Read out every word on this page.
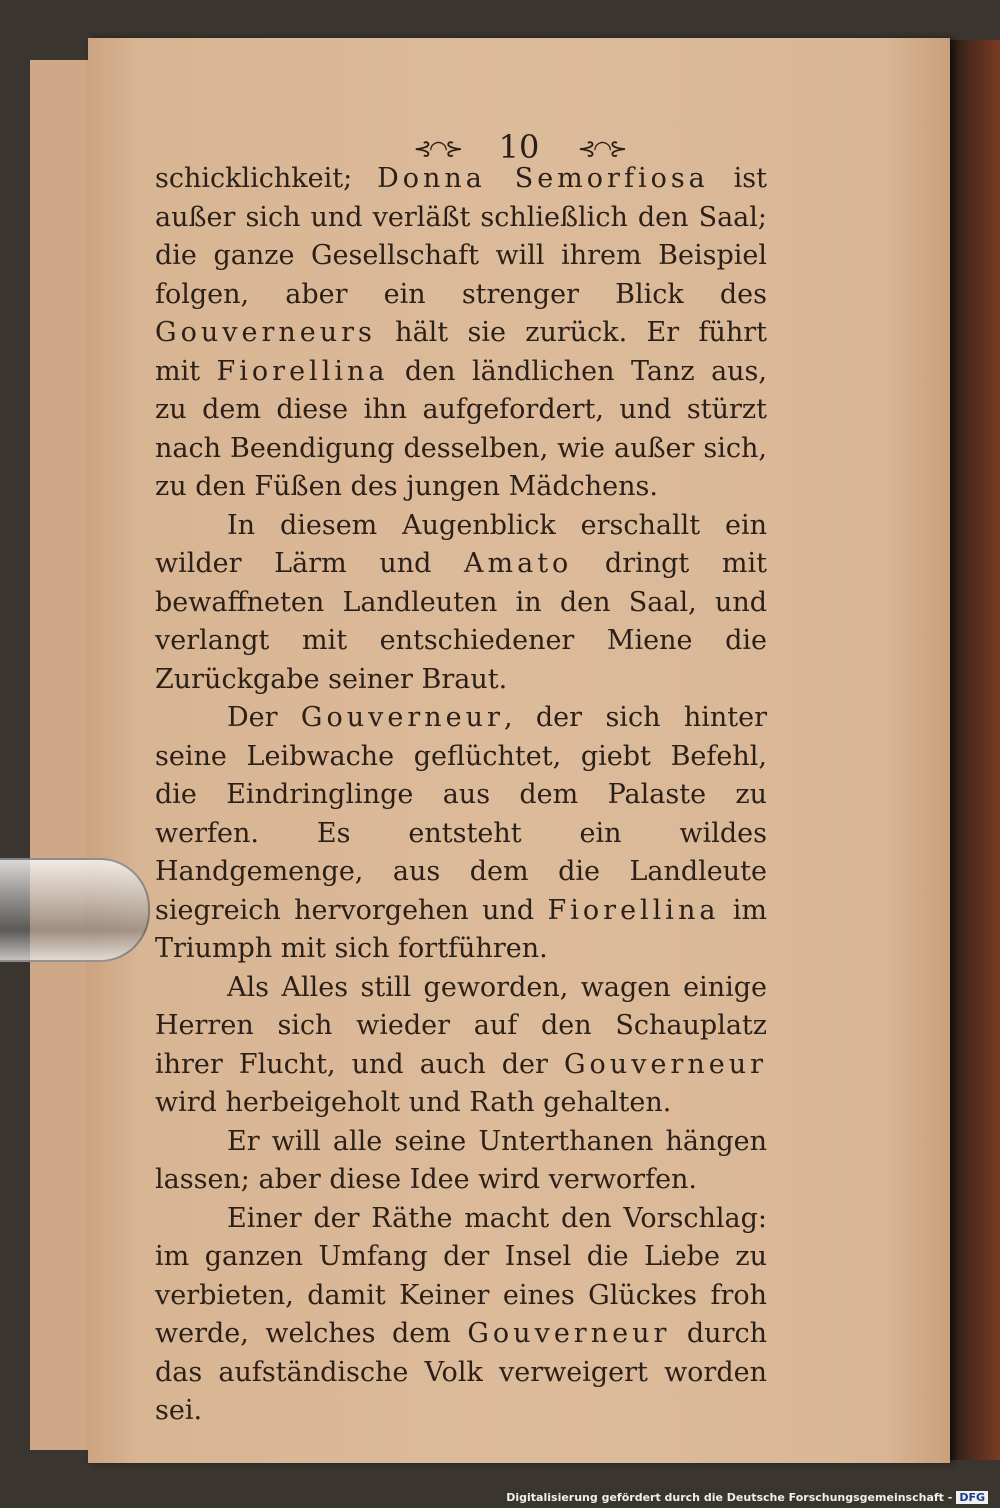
⊰◠⊱ 10 ⊰◠⊱

schicklichkeit; Donna Semorfiosa ist außer sich und verläßt schließlich den Saal; die ganze Gesellschaft will ihrem Beispiel folgen, aber ein strenger Blick des Gouverneurs hält sie zurück. Er führt mit Fiorellina den ländlichen Tanz aus, zu dem diese ihn aufgefordert, und stürzt nach Beendigung desselben, wie außer sich, zu den Füßen des jungen Mädchens.

In diesem Augenblick erschallt ein wilder Lärm und Amato dringt mit bewaffneten Landleuten in den Saal, und verlangt mit entschiedener Miene die Zurückgabe seiner Braut.

Der Gouverneur, der sich hinter seine Leibwache geflüchtet, giebt Befehl, die Eindringlinge aus dem Palaste zu werfen. Es entsteht ein wildes Handgemenge, aus dem die Landleute siegreich hervorgehen und Fiorellina im Triumph mit sich fortführen.

Als Alles still geworden, wagen einige Herren sich wieder auf den Schauplatz ihrer Flucht, und auch der Gouverneur wird herbeigeholt und Rath gehalten.

Er will alle seine Unterthanen hängen lassen; aber diese Idee wird verworfen.

Einer der Räthe macht den Vorschlag: im ganzen Umfang der Insel die Liebe zu verbieten, damit Keiner eines Glückes froh werde, welches dem Gouverneur durch das aufständische Volk verweigert worden sei.

Digitalisierung gefördert durch die Deutsche Forschungsgemeinschaft - DFG
